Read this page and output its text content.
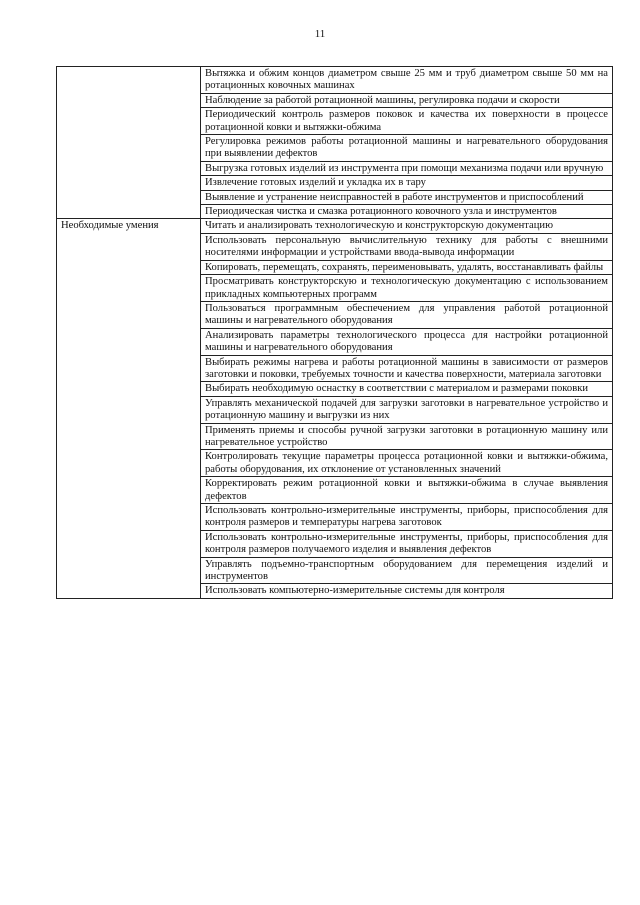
11
	Вытяжка и обжим концов диаметром свыше 25 мм и труб диаметром свыше 50 мм на ротационных ковочных машинах
	Наблюдение за работой ротационной машины, регулировка подачи и скорости
	Периодический контроль размеров поковок и качества их поверхности в процессе ротационной ковки и вытяжки-обжима
	Регулировка режимов работы ротационной машины и нагревательного оборудования при выявлении дефектов
	Выгрузка готовых изделий из инструмента при помощи механизма подачи или вручную
	Извлечение готовых изделий и укладка их в тару
	Выявление и устранение неисправностей в работе инструментов и приспособлений
	Периодическая чистка и смазка ротационного ковочного узла и инструментов
Необходимые умения	Читать и анализировать технологическую и конструкторскую документацию
	Использовать персональную вычислительную технику для работы с внешними носителями информации и устройствами ввода-вывода информации
	Копировать, перемещать, сохранять, переименовывать, удалять, восстанавливать файлы
	Просматривать конструкторскую и технологическую документацию с использованием прикладных компьютерных программ
	Пользоваться программным обеспечением для управления работой ротационной машины и нагревательного оборудования
	Анализировать параметры технологического процесса для настройки ротационной машины и нагревательного оборудования
	Выбирать режимы нагрева и работы ротационной машины в зависимости от размеров заготовки и поковки, требуемых точности и качества поверхности, материала заготовки
	Выбирать необходимую оснастку в соответствии с материалом и размерами поковки
	Управлять механической подачей для загрузки заготовки в нагревательное устройство и ротационную машину и выгрузки из них
	Применять приемы и способы ручной загрузки заготовки в ротационную машину или нагревательное устройство
	Контролировать текущие параметры процесса ротационной ковки и вытяжки-обжима, работы оборудования, их отклонение от установленных значений
	Корректировать режим ротационной ковки и вытяжки-обжима в случае выявления дефектов
	Использовать контрольно-измерительные инструменты, приборы, приспособления для контроля размеров и температуры нагрева заготовок
	Использовать контрольно-измерительные инструменты, приборы, приспособления для контроля размеров получаемого изделия и выявления дефектов
	Управлять подъемно-транспортным оборудованием для перемещения изделий и инструментов
	Использовать компьютерно-измерительные системы для контроля
